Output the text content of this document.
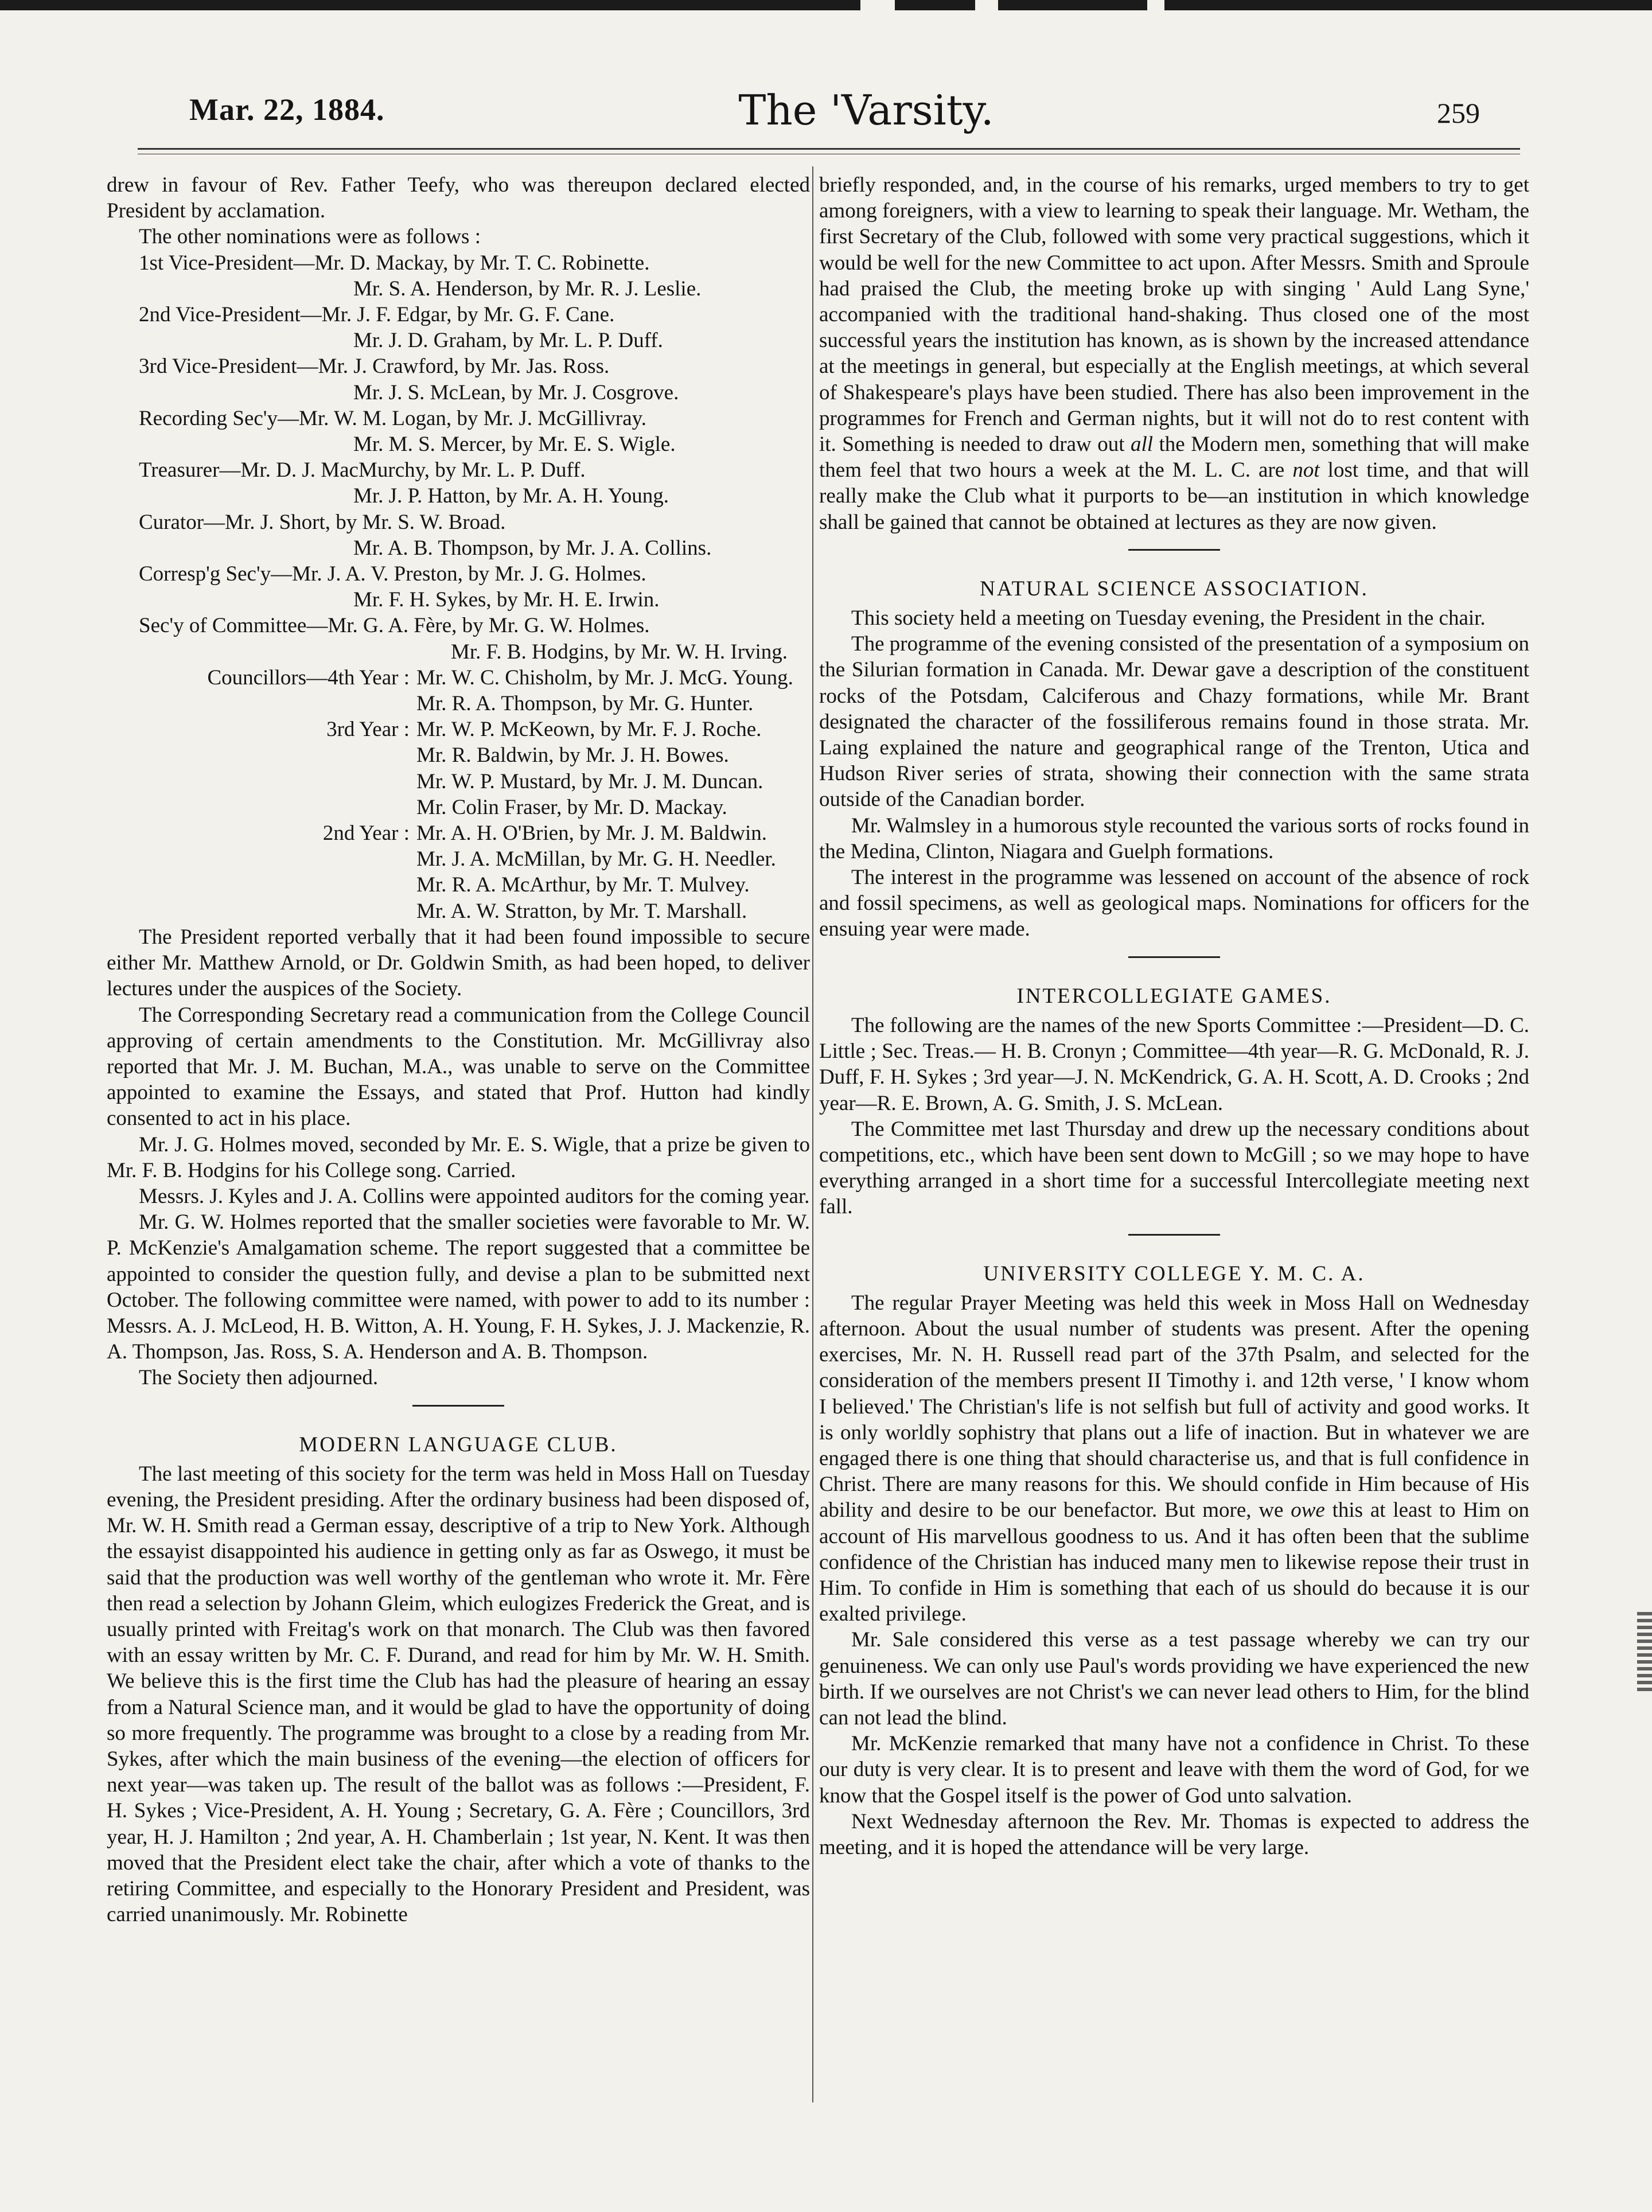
Mar. 22, 1884.	The 'Varsity.	259

drew in favour of Rev. Father Teefy, who was thereupon declared elected President by acclamation.

The other nominations were as follows :

1st Vice-President—Mr. D. Mackay, by Mr. T. C. Robinette.

Mr. S. A. Henderson, by Mr. R. J. Leslie.

2nd Vice-President—Mr. J. F. Edgar, by Mr. G. F. Cane.

Mr. J. D. Graham, by Mr. L. P. Duff.

3rd Vice-President—Mr. J. Crawford, by Mr. Jas. Ross.

Mr. J. S. McLean, by Mr. J. Cosgrove.

Recording Sec'y—Mr. W. M. Logan, by Mr. J. McGillivray.

Mr. M. S. Mercer, by Mr. E. S. Wigle.

Treasurer—Mr. D. J. MacMurchy, by Mr. L. P. Duff.

Mr. J. P. Hatton, by Mr. A. H. Young.

Curator—Mr. J. Short, by Mr. S. W. Broad.

Mr. A. B. Thompson, by Mr. J. A. Collins.

Corresp'g Sec'y—Mr. J. A. V. Preston, by Mr. J. G. Holmes.

Mr. F. H. Sykes, by Mr. H. E. Irwin.

Sec'y of Committee—Mr. G. A. Fère, by Mr. G. W. Holmes.

Mr. F. B. Hodgins, by Mr. W. H. Irving.

Councillors—4th Year : Mr. W. C. Chisholm, by Mr. J. McG. Young.
Mr. R. A. Thompson, by Mr. G. Hunter.
3rd Year : Mr. W. P. McKeown, by Mr. F. J. Roche.
Mr. R. Baldwin, by Mr. J. H. Bowes.
Mr. W. P. Mustard, by Mr. J. M. Duncan.
Mr. Colin Fraser, by Mr. D. Mackay.
2nd Year : Mr. A. H. O'Brien, by Mr. J. M. Baldwin.
Mr. J. A. McMillan, by Mr. G. H. Needler.
Mr. R. A. McArthur, by Mr. T. Mulvey.
Mr. A. W. Stratton, by Mr. T. Marshall.

The President reported verbally that it had been found impossible to secure either Mr. Matthew Arnold, or Dr. Goldwin Smith, as had been hoped, to deliver lectures under the auspices of the Society.

The Corresponding Secretary read a communication from the College Council approving of certain amendments to the Constitution. Mr. McGillivray also reported that Mr. J. M. Buchan, M.A., was unable to serve on the Committee appointed to examine the Essays, and stated that Prof. Hutton had kindly consented to act in his place.

Mr. J. G. Holmes moved, seconded by Mr. E. S. Wigle, that a prize be given to Mr. F. B. Hodgins for his College song. Carried.

Messrs. J. Kyles and J. A. Collins were appointed auditors for the coming year.

Mr. G. W. Holmes reported that the smaller societies were favorable to Mr. W. P. McKenzie's Amalgamation scheme. The report suggested that a committee be appointed to consider the question fully, and devise a plan to be submitted next October. The following committee were named, with power to add to its number : Messrs. A. J. McLeod, H. B. Witton, A. H. Young, F. H. Sykes, J. J. Mackenzie, R. A. Thompson, Jas. Ross, S. A. Henderson and A. B. Thompson.

The Society then adjourned.

MODERN LANGUAGE CLUB.

The last meeting of this society for the term was held in Moss Hall on Tuesday evening, the President presiding. After the ordinary business had been disposed of, Mr. W. H. Smith read a German essay, descriptive of a trip to New York. Although the essayist disappointed his audience in getting only as far as Oswego, it must be said that the production was well worthy of the gentleman who wrote it. Mr. Fère then read a selection by Johann Gleim, which eulogizes Frederick the Great, and is usually printed with Freitag's work on that monarch. The Club was then favored with an essay written by Mr. C. F. Durand, and read for him by Mr. W. H. Smith. We believe this is the first time the Club has had the pleasure of hearing an essay from a Natural Science man, and it would be glad to have the opportunity of doing so more frequently. The programme was brought to a close by a reading from Mr. Sykes, after which the main business of the evening—the election of officers for next year—was taken up. The result of the ballot was as follows :—President, F. H. Sykes ; Vice-President, A. H. Young ; Secretary, G. A. Fère ; Councillors, 3rd year, H. J. Hamilton ; 2nd year, A. H. Chamberlain ; 1st year, N. Kent. It was then moved that the President elect take the chair, after which a vote of thanks to the retiring Committee, and especially to the Honorary President and President, was carried unanimously. Mr. Robinette

briefly responded, and, in the course of his remarks, urged members to try to get among foreigners, with a view to learning to speak their language. Mr. Wetham, the first Secretary of the Club, followed with some very practical suggestions, which it would be well for the new Committee to act upon. After Messrs. Smith and Sproule had praised the Club, the meeting broke up with singing ' Auld Lang Syne,' accompanied with the traditional hand-shaking. Thus closed one of the most successful years the institution has known, as is shown by the increased attendance at the meetings in general, but especially at the English meetings, at which several of Shakespeare's plays have been studied. There has also been improvement in the programmes for French and German nights, but it will not do to rest content with it. Something is needed to draw out all the Modern men, something that will make them feel that two hours a week at the M. L. C. are not lost time, and that will really make the Club what it purports to be—an institution in which knowledge shall be gained that cannot be obtained at lectures as they are now given.

NATURAL SCIENCE ASSOCIATION.

This society held a meeting on Tuesday evening, the President in the chair.

The programme of the evening consisted of the presentation of a symposium on the Silurian formation in Canada. Mr. Dewar gave a description of the constituent rocks of the Potsdam, Calciferous and Chazy formations, while Mr. Brant designated the character of the fossiliferous remains found in those strata. Mr. Laing explained the nature and geographical range of the Trenton, Utica and Hudson River series of strata, showing their connection with the same strata outside of the Canadian border.

Mr. Walmsley in a humorous style recounted the various sorts of rocks found in the Medina, Clinton, Niagara and Guelph formations.

The interest in the programme was lessened on account of the absence of rock and fossil specimens, as well as geological maps. Nominations for officers for the ensuing year were made.

INTERCOLLEGIATE GAMES.

The following are the names of the new Sports Committee :—President—D. C. Little ; Sec. Treas.— H. B. Cronyn ; Committee—4th year—R. G. McDonald, R. J. Duff, F. H. Sykes ; 3rd year—J. N. McKendrick, G. A. H. Scott, A. D. Crooks ; 2nd year—R. E. Brown, A. G. Smith, J. S. McLean.

The Committee met last Thursday and drew up the necessary conditions about competitions, etc., which have been sent down to McGill ; so we may hope to have everything arranged in a short time for a successful Intercollegiate meeting next fall.

UNIVERSITY COLLEGE Y. M. C. A.

The regular Prayer Meeting was held this week in Moss Hall on Wednesday afternoon. About the usual number of students was present. After the opening exercises, Mr. N. H. Russell read part of the 37th Psalm, and selected for the consideration of the members present II Timothy i. and 12th verse, ' I know whom I believed.' The Christian's life is not selfish but full of activity and good works. It is only worldly sophistry that plans out a life of inaction. But in whatever we are engaged there is one thing that should characterise us, and that is full confidence in Christ. There are many reasons for this. We should confide in Him because of His ability and desire to be our benefactor. But more, we owe this at least to Him on account of His marvellous goodness to us. And it has often been that the sublime confidence of the Christian has induced many men to likewise repose their trust in Him. To confide in Him is something that each of us should do because it is our exalted privilege.

Mr. Sale considered this verse as a test passage whereby we can try our genuineness. We can only use Paul's words providing we have experienced the new birth. If we ourselves are not Christ's we can never lead others to Him, for the blind can not lead the blind.

Mr. McKenzie remarked that many have not a confidence in Christ. To these our duty is very clear. It is to present and leave with them the word of God, for we know that the Gospel itself is the power of God unto salvation.

Next Wednesday afternoon the Rev. Mr. Thomas is expected to address the meeting, and it is hoped the attendance will be very large.
